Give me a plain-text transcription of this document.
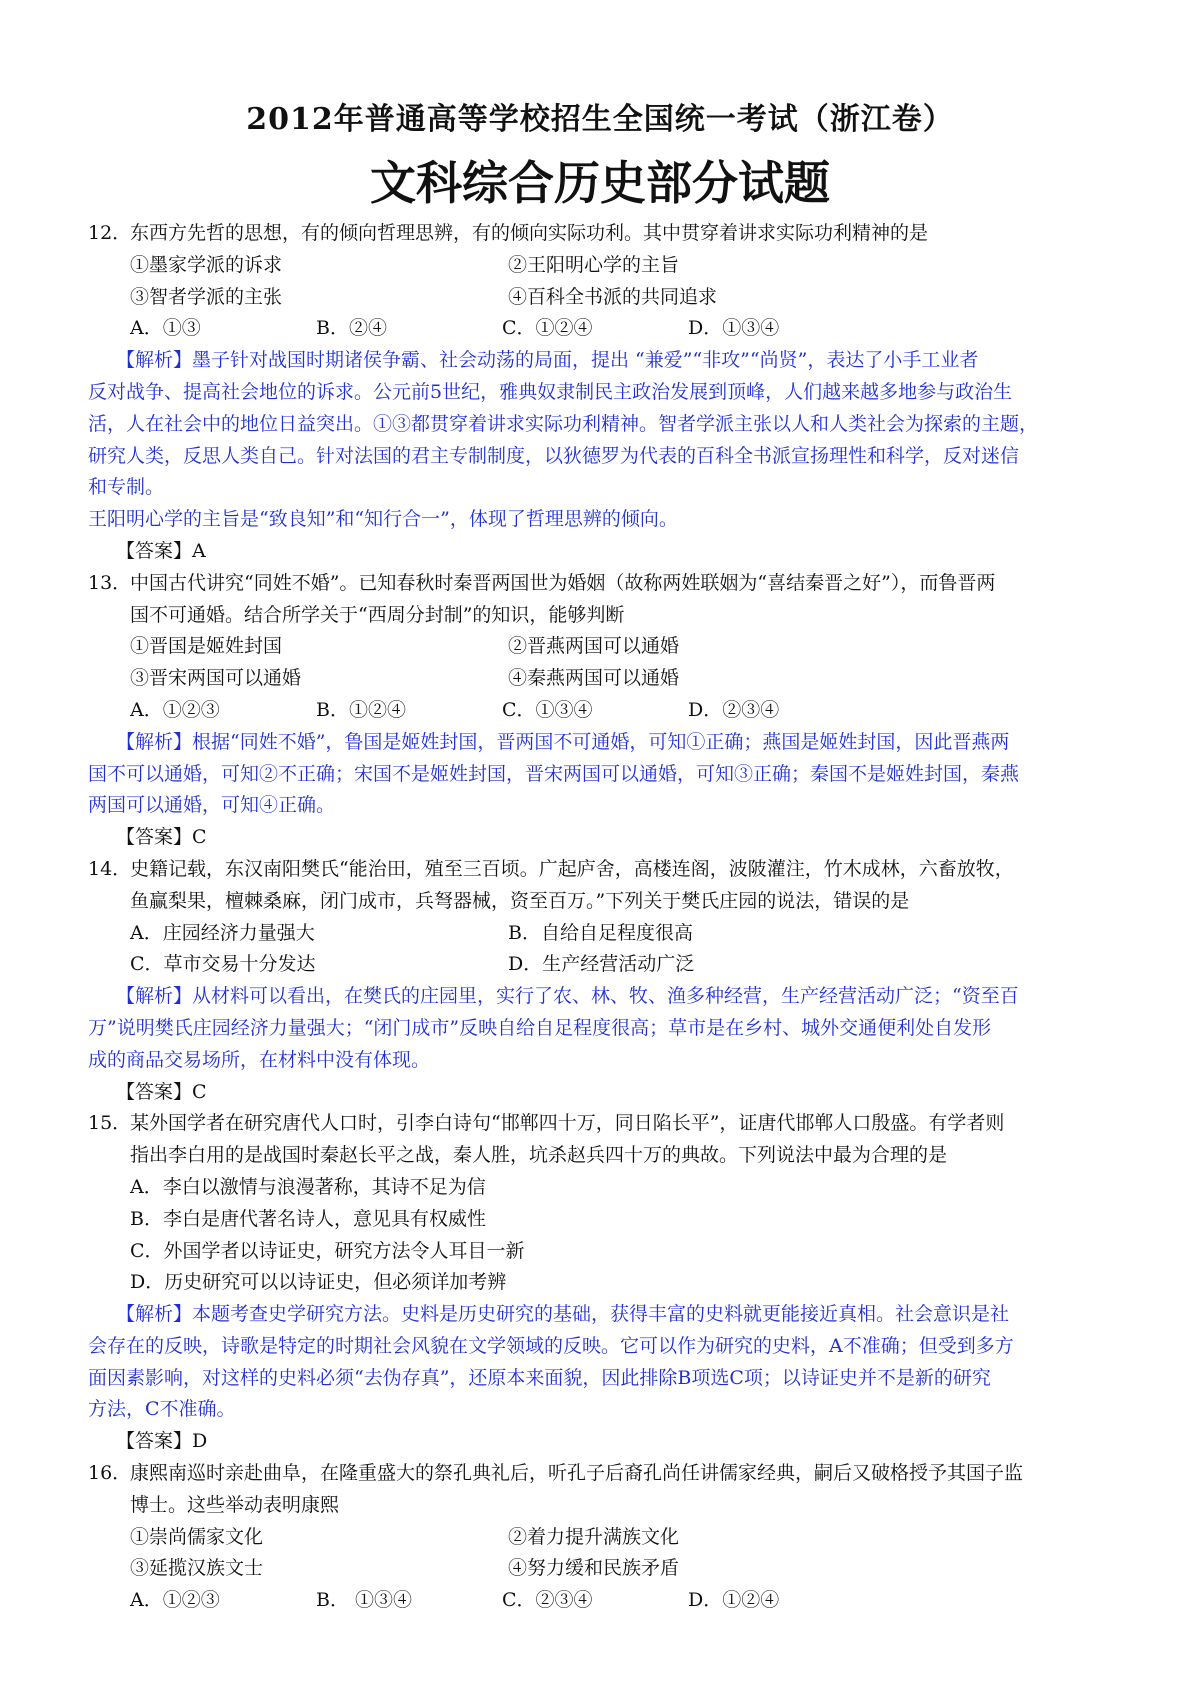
2012年普通高等学校招生全国统一考试（浙江卷）
文科综合历史部分试题
12．东西方先哲的思想，有的倾向哲理思辨，有的倾向实际功利。其中贯穿着讲求实际功利精神的是
①墨家学派的诉求	②王阳明心学的主旨
③智者学派的主张	④百科全书派的共同追求
A．①③	B．②④	C．①②④	D．①③④
【解析】墨子针对战国时期诸侯争霸、社会动荡的局面，提出 “兼爱”“非攻”“尚贤”，表达了小手工业者
反对战争、提高社会地位的诉求。公元前5世纪，雅典奴隶制民主政治发展到顶峰，人们越来越多地参与政治生
活，人在社会中的地位日益突出。①③都贯穿着讲求实际功利精神。智者学派主张以人和人类社会为探索的主题，
研究人类，反思人类自己。针对法国的君主专制制度，以狄德罗为代表的百科全书派宣扬理性和科学，反对迷信
和专制。
王阳明心学的主旨是“致良知”和“知行合一”，体现了哲理思辨的倾向。
【答案】A
13．中国古代讲究“同姓不婚”。已知春秋时秦晋两国世为婚姻（故称两姓联姻为“喜结秦晋之好”），而鲁晋两
国不可通婚。结合所学关于“西周分封制”的知识，能够判断
①晋国是姬姓封国	②晋燕两国可以通婚
③晋宋两国可以通婚	④秦燕两国可以通婚
A．①②③	B．①②④	C．①③④	D．②③④
【解析】根据“同姓不婚”，鲁国是姬姓封国，晋两国不可通婚，可知①正确；燕国是姬姓封国，因此晋燕两
国不可以通婚，可知②不正确；宋国不是姬姓封国，晋宋两国可以通婚，可知③正确；秦国不是姬姓封国，秦燕
两国可以通婚，可知④正确。
【答案】C
14．史籍记载，东汉南阳樊氏“能治田，殖至三百顷。广起庐舍，高楼连阁，波陂灌注，竹木成林，六畜放牧，
鱼赢梨果，檀棘桑麻，闭门成市，兵弩器械，资至百万。”下列关于樊氏庄园的说法，错误的是
A．庄园经济力量强大	B．自给自足程度很高
C．草市交易十分发达	D．生产经营活动广泛
【解析】从材料可以看出，在樊氏的庄园里，实行了农、林、牧、渔多种经营，生产经营活动广泛；“资至百
万”说明樊氏庄园经济力量强大；“闭门成市”反映自给自足程度很高；草市是在乡村、城外交通便利处自发形
成的商品交易场所，在材料中没有体现。
【答案】C
15．某外国学者在研究唐代人口时，引李白诗句“邯郸四十万，同日陷长平”，证唐代邯郸人口殷盛。有学者则
指出李白用的是战国时秦赵长平之战，秦人胜，坑杀赵兵四十万的典故。下列说法中最为合理的是
A．李白以激情与浪漫著称，其诗不足为信
B．李白是唐代著名诗人，意见具有权威性
C．外国学者以诗证史，研究方法令人耳目一新
D．历史研究可以以诗证史，但必须详加考辨
【解析】本题考查史学研究方法。史料是历史研究的基础，获得丰富的史料就更能接近真相。社会意识是社
会存在的反映，诗歌是特定的时期社会风貌在文学领域的反映。它可以作为研究的史料，A不准确；但受到多方
面因素影响，对这样的史料必须“去伪存真”，还原本来面貌，因此排除B项选C项；以诗证史并不是新的研究
方法，C不准确。
【答案】D
16．康熙南巡时亲赴曲阜，在隆重盛大的祭孔典礼后，听孔子后裔孔尚任讲儒家经典，嗣后又破格授予其国子监
博士。这些举动表明康熙
①崇尚儒家文化	②着力提升满族文化
③延揽汉族文士	④努力缓和民族矛盾
A．①②③	B． ①③④	C．②③④	D．①②④
